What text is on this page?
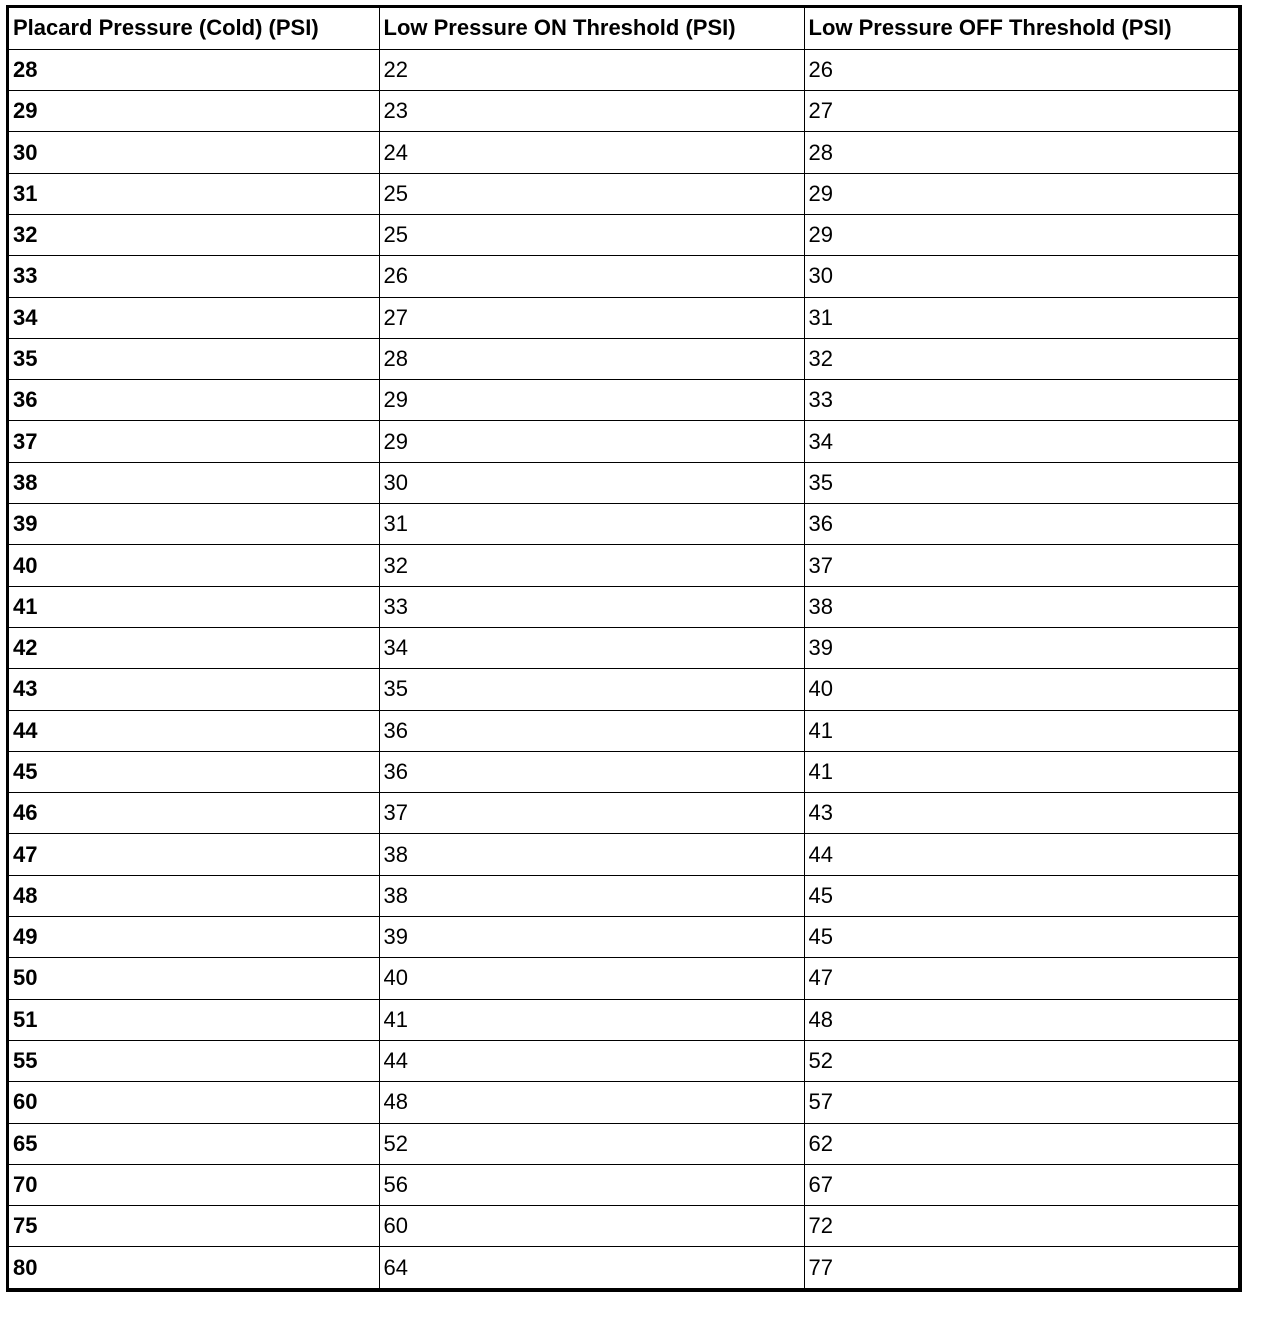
Placard Pressure (Cold) (PSI)	Low Pressure ON Threshold (PSI)	Low Pressure OFF Threshold (PSI)
28	22	26
29	23	27
30	24	28
31	25	29
32	25	29
33	26	30
34	27	31
35	28	32
36	29	33
37	29	34
38	30	35
39	31	36
40	32	37
41	33	38
42	34	39
43	35	40
44	36	41
45	36	41
46	37	43
47	38	44
48	38	45
49	39	45
50	40	47
51	41	48
55	44	52
60	48	57
65	52	62
70	56	67
75	60	72
80	64	77
